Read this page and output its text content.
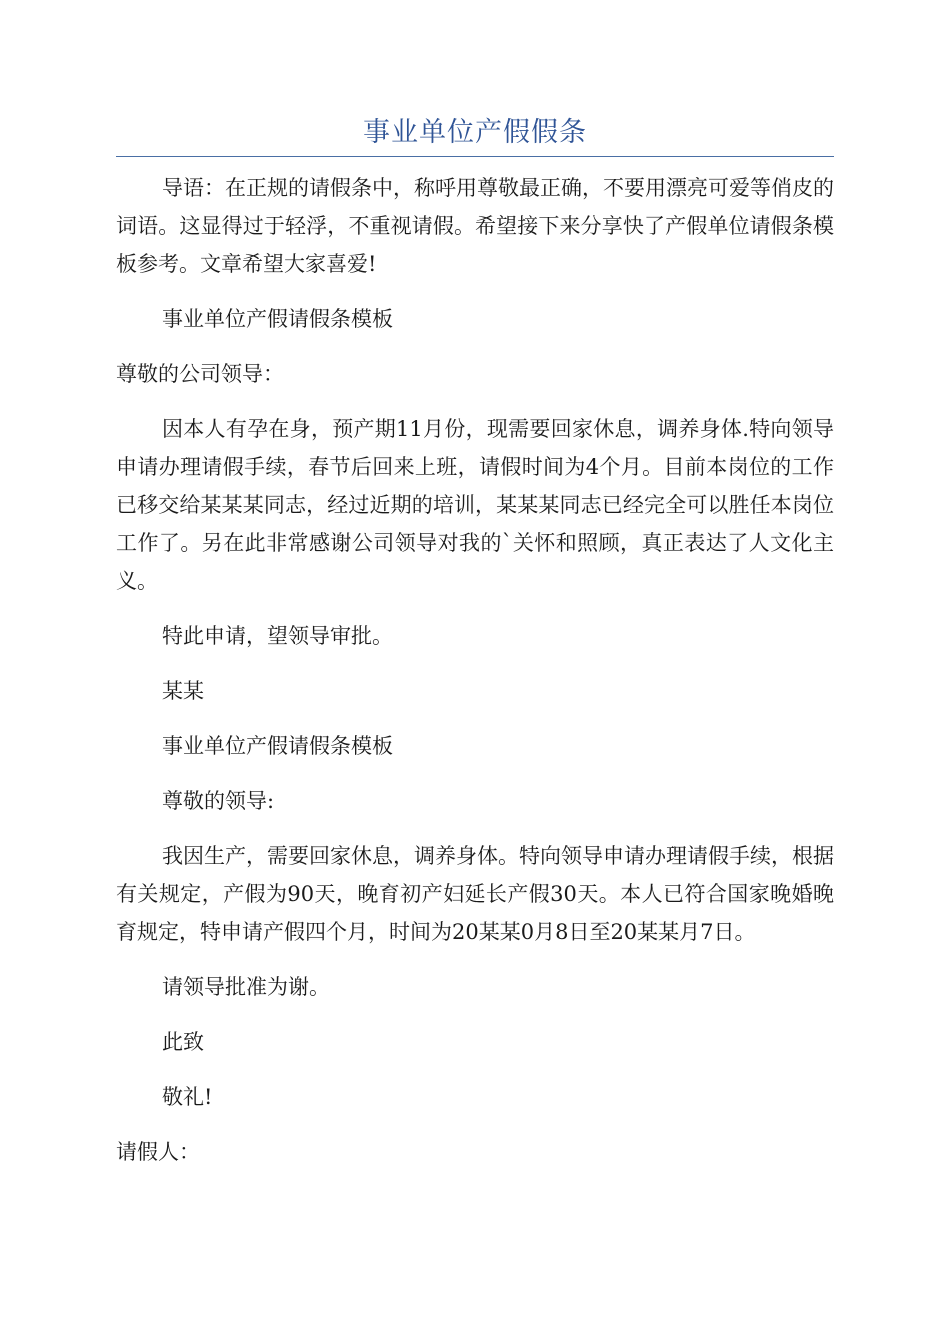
事业单位产假假条

导语：在正规的请假条中，称呼用尊敬最正确，不要用漂亮可爱等俏皮的词语。这显得过于轻浮，不重视请假。希望接下来分享快了产假单位请假条模板参考。文章希望大家喜爱!

事业单位产假请假条模板

尊敬的公司领导：

因本人有孕在身，预产期11月份，现需要回家休息，调养身体.特向领导申请办理请假手续，春节后回来上班，请假时间为4个月。目前本岗位的工作已移交给某某某同志，经过近期的培训，某某某同志已经完全可以胜任本岗位工作了。另在此非常感谢公司领导对我的`关怀和照顾，真正表达了人文化主义。

特此申请，望领导审批。

某某

事业单位产假请假条模板

尊敬的领导:

我因生产，需要回家休息，调养身体。特向领导申请办理请假手续，根据有关规定，产假为90天，晚育初产妇延长产假30天。本人已符合国家晚婚晚育规定，特申请产假四个月，时间为20某某0月8日至20某某月7日。

请领导批准为谢。

此致

敬礼!

请假人：
